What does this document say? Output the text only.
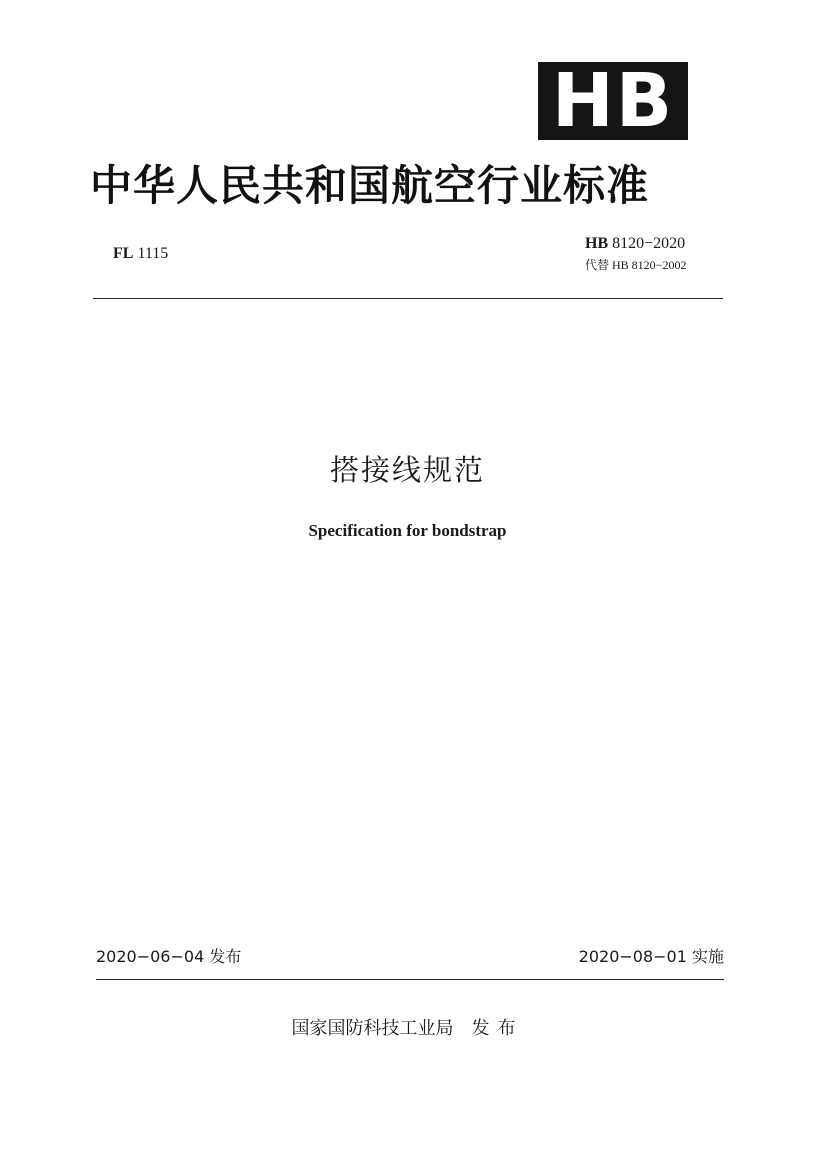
HB
中华人民共和国航空行业标准
FL 1115
HB 8120−2020
代替 HB 8120−2002
搭接线规范
Specification for bondstrap
2020−06−04 发布	2020−08−01 实施
国家国防科技工业局 发布
